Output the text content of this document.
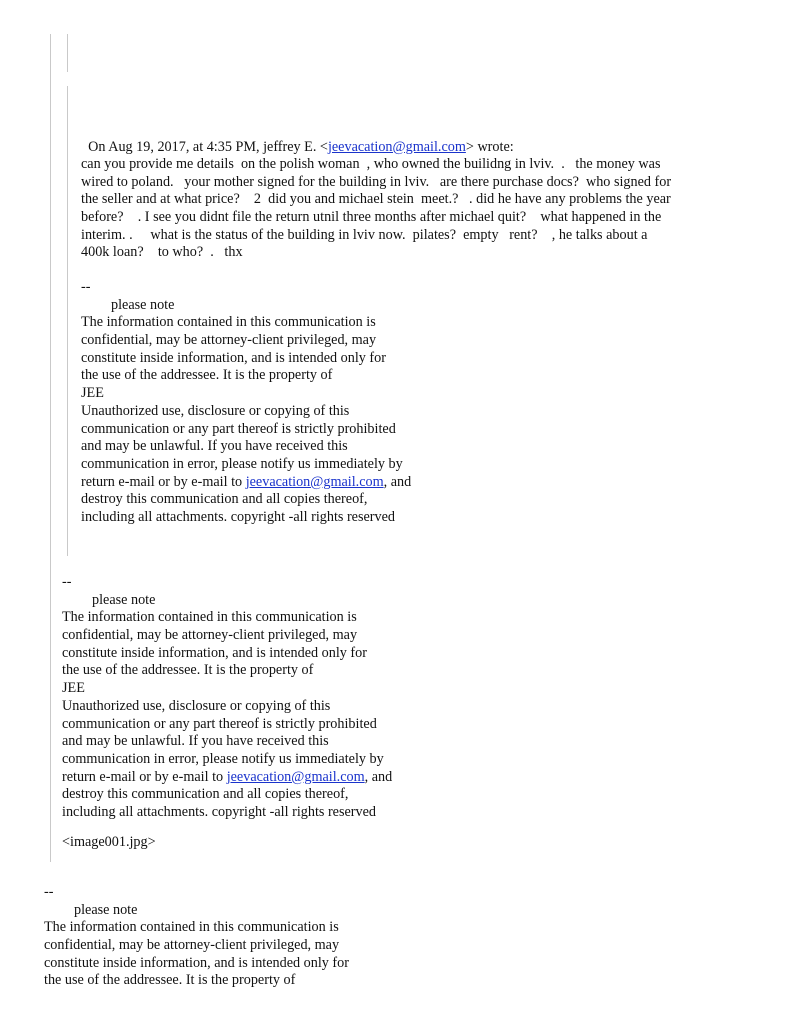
On Aug 19, 2017, at 4:35 PM, jeffrey E. <jeevacation@gmail.com> wrote:

can you provide me details  on the polish woman  , who owned the builidng in lviv.  .   the money was
wired to poland.   your mother signed for the building in lviv.   are there purchase docs?  who signed for
the seller and at what price?    2  did you and michael stein  meet.?   . did he have any problems the year
before?    . I see you didnt file the return utnil three months after michael quit?    what happened in the
interim. .     what is the status of the building in lviv now.  pilates?  empty   rent?    , he talks about a
400k loan?    to who?  .   thx
--
please note
The information contained in this communication is
confidential, may be attorney-client privileged, may
constitute inside information, and is intended only for
the use of the addressee. It is the property of
JEE
Unauthorized use, disclosure or copying of this
communication or any part thereof is strictly prohibited
and may be unlawful. If you have received this
communication in error, please notify us immediately by
return e-mail or by e-mail to jeevacation@gmail.com, and
destroy this communication and all copies thereof,
including all attachments. copyright -all rights reserved
--
please note
The information contained in this communication is
confidential, may be attorney-client privileged, may
constitute inside information, and is intended only for
the use of the addressee. It is the property of
JEE
Unauthorized use, disclosure or copying of this
communication or any part thereof is strictly prohibited
and may be unlawful. If you have received this
communication in error, please notify us immediately by
return e-mail or by e-mail to jeevacation@gmail.com, and
destroy this communication and all copies thereof,
including all attachments. copyright -all rights reserved
<image001.jpg>
--
please note
The information contained in this communication is
confidential, may be attorney-client privileged, may
constitute inside information, and is intended only for
the use of the addressee. It is the property of
